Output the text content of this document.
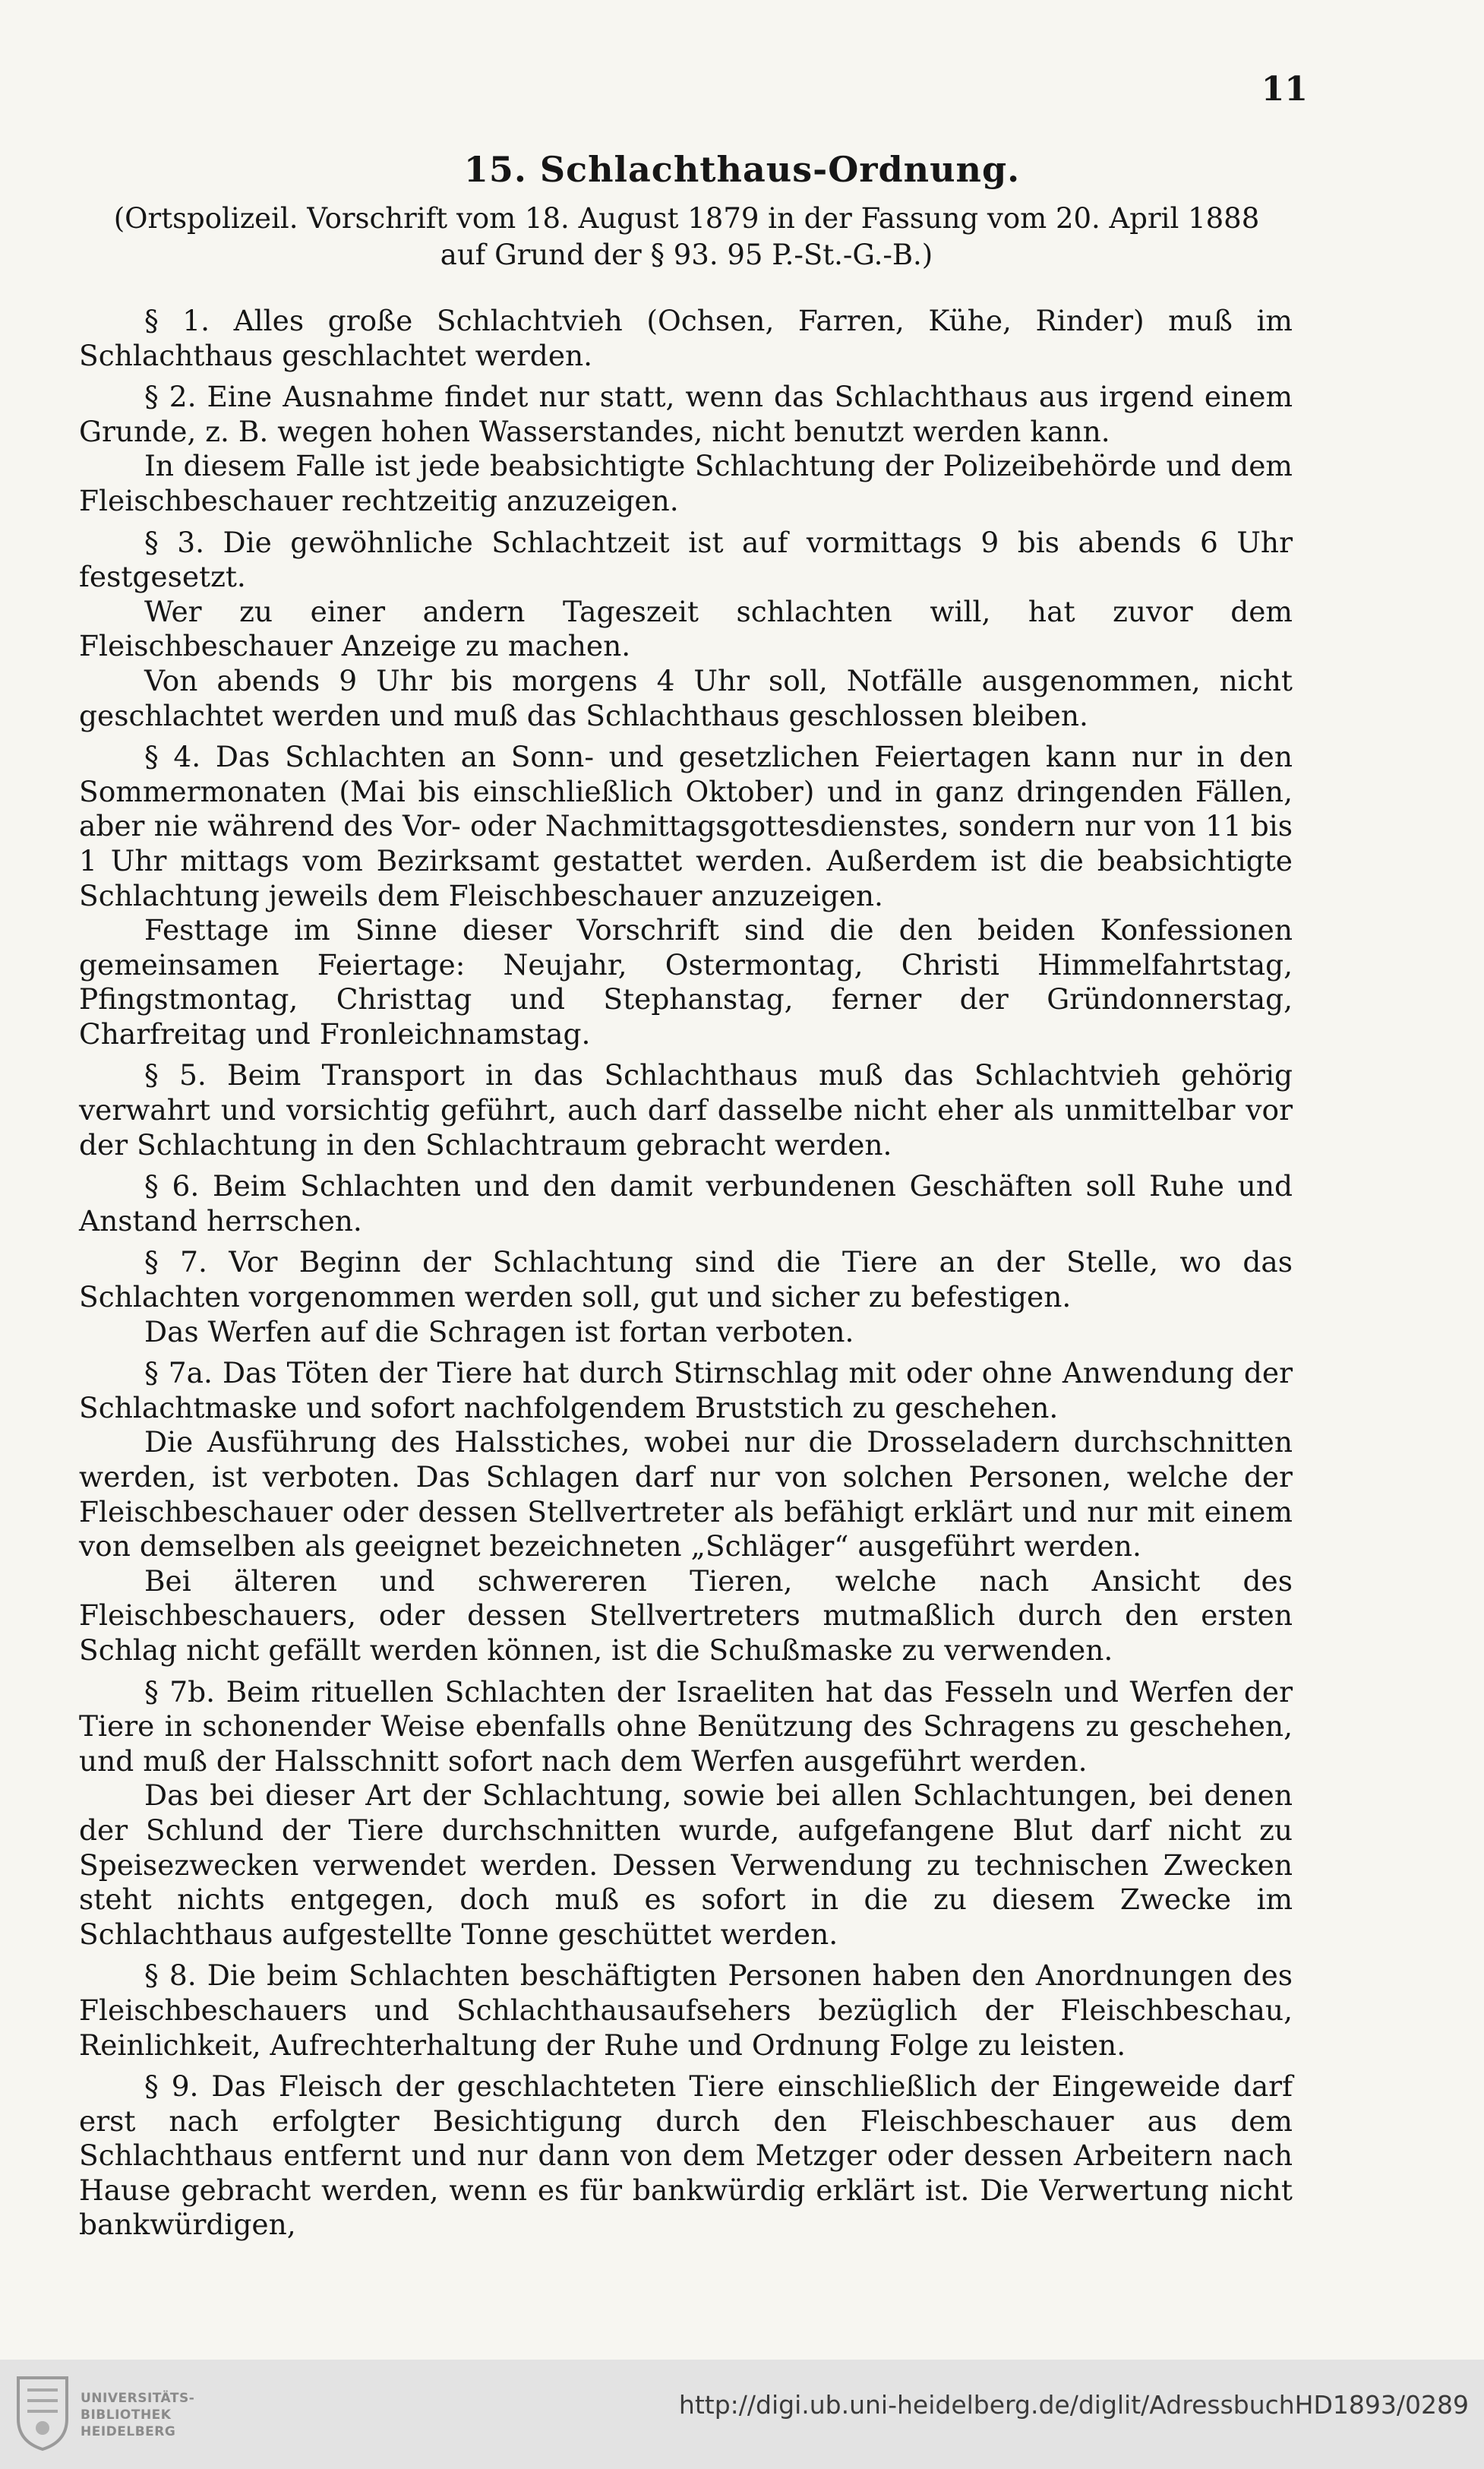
11
15. Schlachthaus-Ordnung.
(Ortspolizeil. Vorschrift vom 18. August 1879 in der Fassung vom 20. April 1888
auf Grund der § 93. 95 P.-St.-G.-B.)

§ 1. Alles große Schlachtvieh (Ochsen, Farren, Kühe, Rinder) muß im Schlachthaus geschlachtet werden.

§ 2. Eine Ausnahme findet nur statt, wenn das Schlachthaus aus irgend einem Grunde, z. B. wegen hohen Wasserstandes, nicht benutzt werden kann.

In diesem Falle ist jede beabsichtigte Schlachtung der Polizeibehörde und dem Fleischbeschauer rechtzeitig anzuzeigen.

§ 3. Die gewöhnliche Schlachtzeit ist auf vormittags 9 bis abends 6 Uhr festgesetzt.

Wer zu einer andern Tageszeit schlachten will, hat zuvor dem Fleischbeschauer Anzeige zu machen.

Von abends 9 Uhr bis morgens 4 Uhr soll, Notfälle ausgenommen, nicht geschlachtet werden und muß das Schlachthaus geschlossen bleiben.

§ 4. Das Schlachten an Sonn- und gesetzlichen Feiertagen kann nur in den Sommermonaten (Mai bis einschließlich Oktober) und in ganz dringenden Fällen, aber nie während des Vor- oder Nachmittagsgottesdienstes, sondern nur von 11 bis 1 Uhr mittags vom Bezirksamt gestattet werden. Außerdem ist die beabsichtigte Schlachtung jeweils dem Fleischbeschauer anzuzeigen.

Festtage im Sinne dieser Vorschrift sind die den beiden Konfessionen gemeinsamen Feiertage: Neujahr, Ostermontag, Christi Himmelfahrtstag, Pfingstmontag, Christtag und Stephanstag, ferner der Gründonnerstag, Charfreitag und Fronleichnamstag.

§ 5. Beim Transport in das Schlachthaus muß das Schlachtvieh gehörig verwahrt und vorsichtig geführt, auch darf dasselbe nicht eher als unmittelbar vor der Schlachtung in den Schlachtraum gebracht werden.

§ 6. Beim Schlachten und den damit verbundenen Geschäften soll Ruhe und Anstand herrschen.

§ 7. Vor Beginn der Schlachtung sind die Tiere an der Stelle, wo das Schlachten vorgenommen werden soll, gut und sicher zu befestigen.

Das Werfen auf die Schragen ist fortan verboten.

§ 7a. Das Töten der Tiere hat durch Stirnschlag mit oder ohne Anwendung der Schlachtmaske und sofort nachfolgendem Bruststich zu geschehen.

Die Ausführung des Halsstiches, wobei nur die Drosseladern durchschnitten werden, ist verboten. Das Schlagen darf nur von solchen Personen, welche der Fleischbeschauer oder dessen Stellvertreter als befähigt erklärt und nur mit einem von demselben als geeignet bezeichneten „Schläger“ ausgeführt werden.

Bei älteren und schwereren Tieren, welche nach Ansicht des Fleischbeschauers, oder dessen Stellvertreters mutmaßlich durch den ersten Schlag nicht gefällt werden können, ist die Schußmaske zu verwenden.

§ 7b. Beim rituellen Schlachten der Israeliten hat das Fesseln und Werfen der Tiere in schonender Weise ebenfalls ohne Benützung des Schragens zu geschehen, und muß der Halsschnitt sofort nach dem Werfen ausgeführt werden.

Das bei dieser Art der Schlachtung, sowie bei allen Schlachtungen, bei denen der Schlund der Tiere durchschnitten wurde, aufgefangene Blut darf nicht zu Speisezwecken verwendet werden. Dessen Verwendung zu technischen Zwecken steht nichts entgegen, doch muß es sofort in die zu diesem Zwecke im Schlachthaus aufgestellte Tonne geschüttet werden.

§ 8. Die beim Schlachten beschäftigten Personen haben den Anordnungen des Fleischbeschauers und Schlachthausaufsehers bezüglich der Fleischbeschau, Reinlichkeit, Aufrechterhaltung der Ruhe und Ordnung Folge zu leisten.

§ 9. Das Fleisch der geschlachteten Tiere einschließlich der Eingeweide darf erst nach erfolgter Besichtigung durch den Fleischbeschauer aus dem Schlachthaus entfernt und nur dann von dem Metzger oder dessen Arbeitern nach Hause gebracht werden, wenn es für bankwürdig erklärt ist. Die Verwertung nicht bankwürdigen,

UNIVERSITÄTS-
BIBLIOTHEK
HEIDELBERG
http://digi.ub.uni-heidelberg.de/diglit/AdressbuchHD1893/0289
